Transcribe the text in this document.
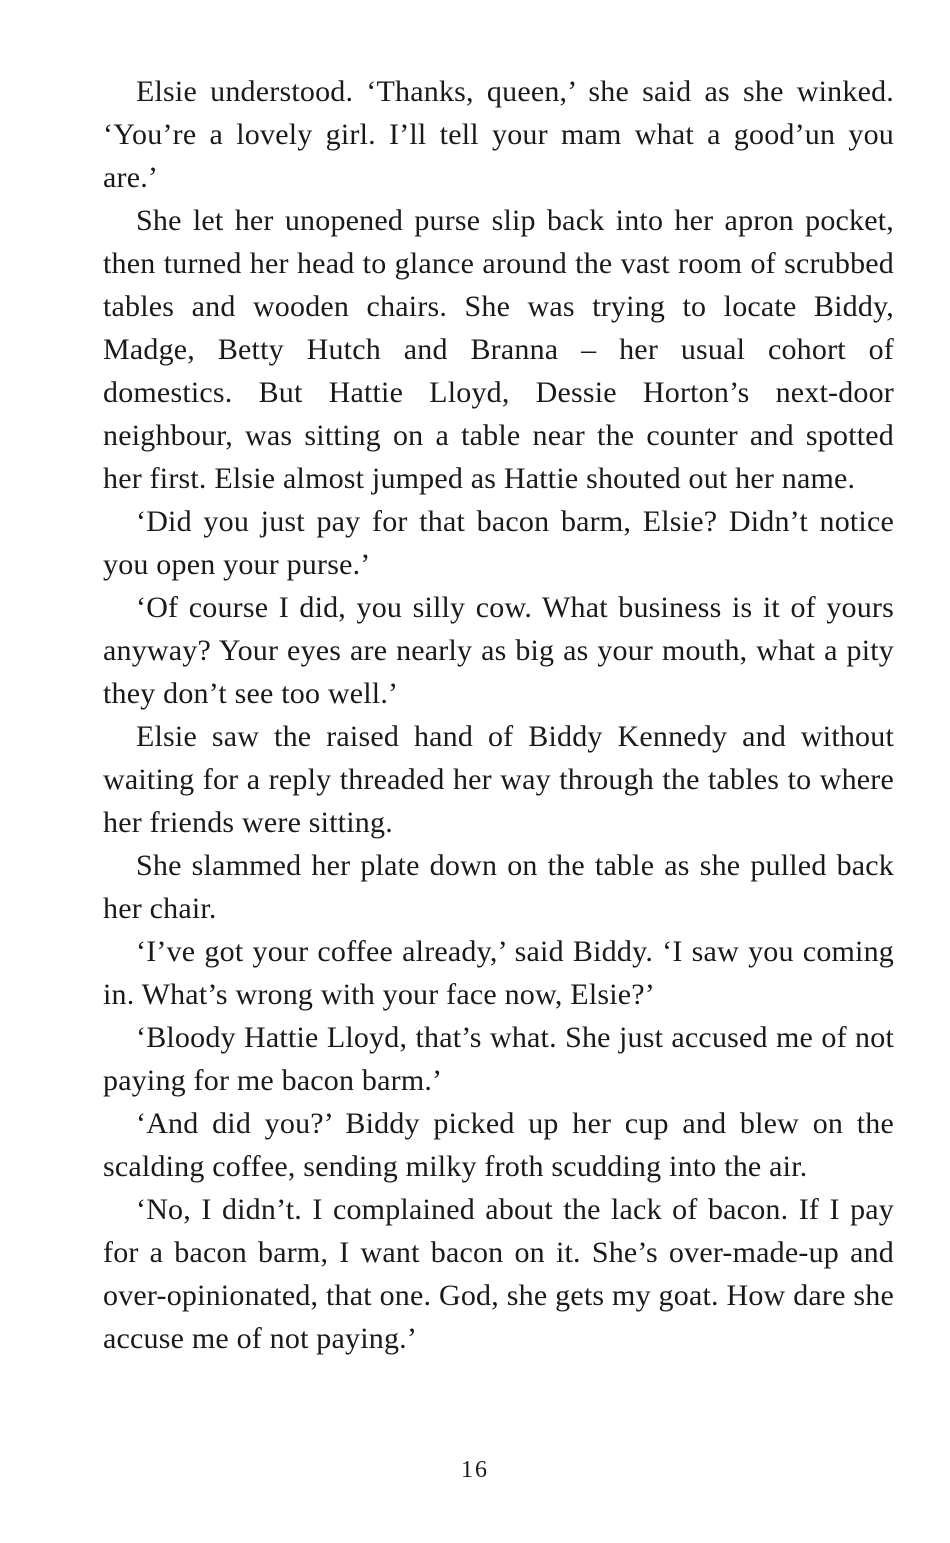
Elsie understood. ‘Thanks, queen,’ she said as she winked. ‘You’re a lovely girl. I’ll tell your mam what a good’un you are.’

She let her unopened purse slip back into her apron pocket, then turned her head to glance around the vast room of scrubbed tables and wooden chairs. She was trying to locate Biddy, Madge, Betty Hutch and Branna – her usual cohort of domestics. But Hattie Lloyd, Dessie Horton’s next-door neighbour, was sitting on a table near the counter and spotted her first. Elsie almost jumped as Hattie shouted out her name.

‘Did you just pay for that bacon barm, Elsie? Didn’t notice you open your purse.’

‘Of course I did, you silly cow. What business is it of yours anyway? Your eyes are nearly as big as your mouth, what a pity they don’t see too well.’

Elsie saw the raised hand of Biddy Kennedy and without waiting for a reply threaded her way through the tables to where her friends were sitting.

She slammed her plate down on the table as she pulled back her chair.

‘I’ve got your coffee already,’ said Biddy. ‘I saw you coming in. What’s wrong with your face now, Elsie?’

‘Bloody Hattie Lloyd, that’s what. She just accused me of not paying for me bacon barm.’

‘And did you?’ Biddy picked up her cup and blew on the scalding coffee, sending milky froth scudding into the air.

‘No, I didn’t. I complained about the lack of bacon. If I pay for a bacon barm, I want bacon on it. She’s over-made-up and over-opinionated, that one. God, she gets my goat. How dare she accuse me of not paying.’

16
